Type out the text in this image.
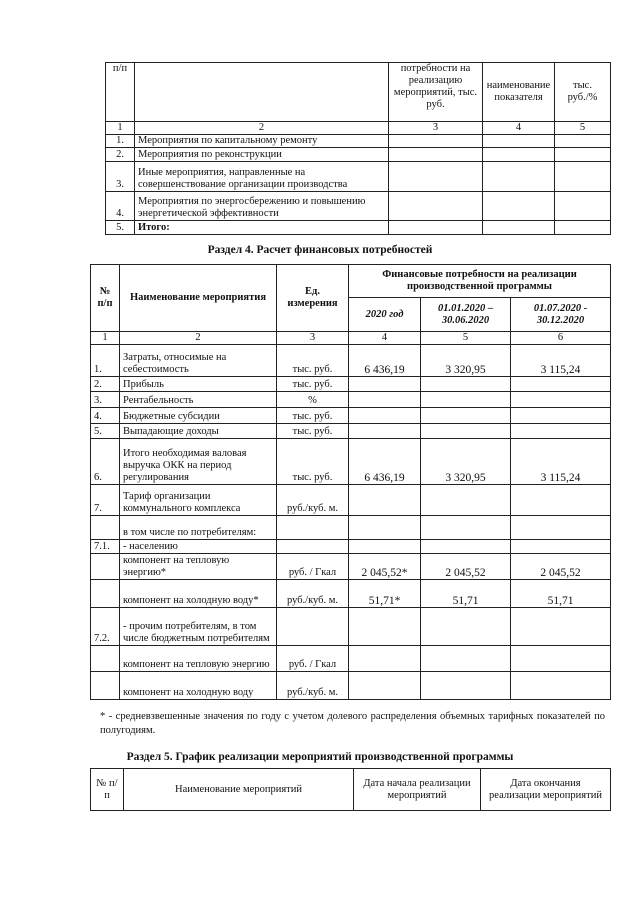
п/п		потребности на реализацию мероприятий, тыс. руб.	наименование показателя	тыс. руб./%
1	2	3	4	5
1.	Мероприятия по капитальному ремонту			
2.	Мероприятия по реконструкции			
3.	Иные мероприятия, направленные на совершенствование организации производства			
4.	Мероприятия по энергосбережению и повышению энергетической эффективности			
5.	Итого:			
Раздел 4. Расчет финансовых потребностей
№ п/п	Наименование мероприятия	Ед. измерения	Финансовые потребности на реализации производственной программы		
			2020 год	01.01.2020 – 30.06.2020	01.07.2020 - 30.12.2020
1	2	3	4	5	6
1.	Затраты, относимые на себестоимость	тыс. руб.	6 436,19	3 320,95	3 115,24
2.	Прибыль	тыс. руб.			
3.	Рентабельность	%			
4.	Бюджетные субсидии	тыс. руб.			
5.	Выпадающие доходы	тыс. руб.			
6.	Итого необходимая валовая выручка ОКК на период регулирования	тыс. руб.	6 436,19	3 320,95	3 115,24
7.	Тариф организации коммунального комплекса	руб./куб. м.			
	в том числе по потребителям:				
7.1.	- населению				
	компонент на тепловую энергию*	руб. / Гкал	2 045,52*	2 045,52	2 045,52
	компонент на холодную воду*	руб./куб. м.	51,71*	51,71	51,71
7.2.	- прочим потребителям, в том числе бюджетным потребителям				
	компонент на тепловую энергию	руб. / Гкал			
	компонент на холодную воду	руб./куб. м.			
* - средневзвешенные значения по году с учетом долевого распределения объемных тарифных показателей по полугодиям.
Раздел 5. График реализации мероприятий производственной программы
№ п/п	Наименование мероприятий	Дата начала реализации мероприятий	Дата окончания реализации мероприятий
